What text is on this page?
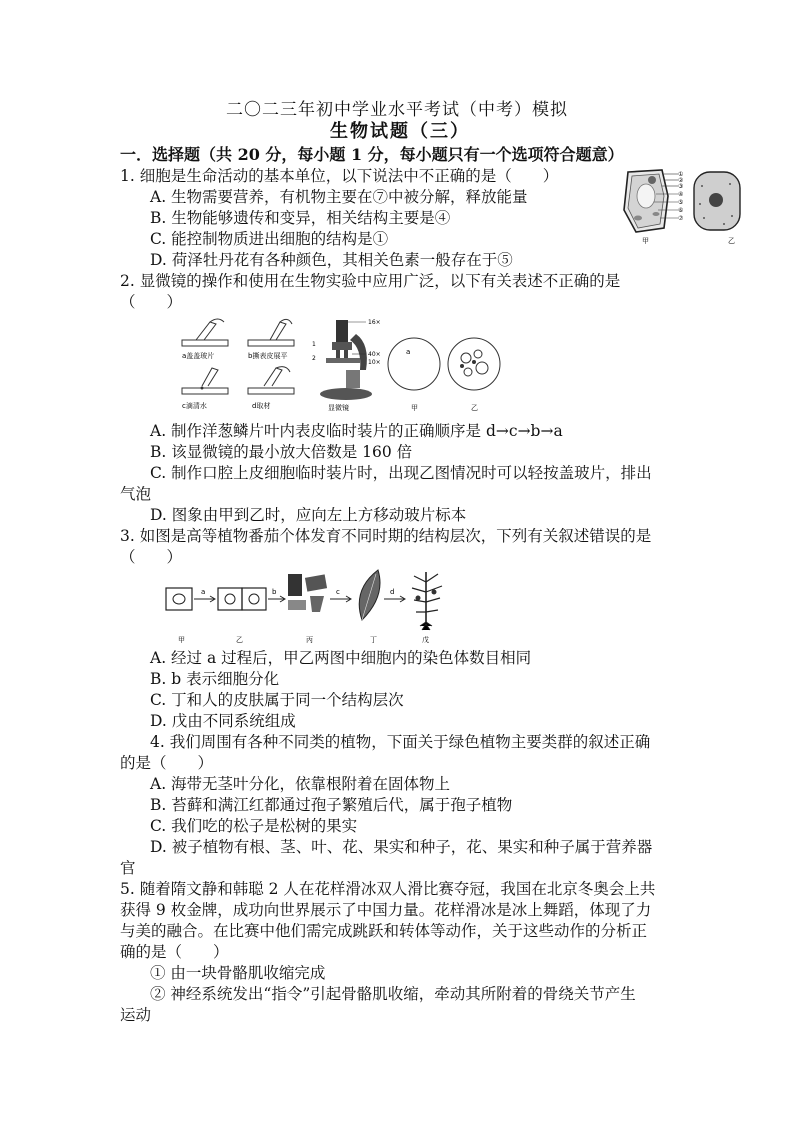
二〇二三年初中学业水平考试（中考）模拟
生物试题（三）
一．选择题（共 20 分，每小题 1 分，每小题只有一个选项符合题意）
1. 细胞是生命活动的基本单位，以下说法中不正确的是（　　）
A. 生物需要营养，有机物主要在⑦中被分解，释放能量
B. 生物能够遗传和变异，相关结构主要是④
C. 能控制物质进出细胞的结构是①
D. 荷泽牡丹花有各种颜色，其相关色素一般存在于⑤
①
②
③
④
⑤
⑥
⑦
甲	乙
2. 显微镜的操作和使用在生物实验中应用广泛，以下有关表述不正确的是
（　　）
a盖盖玻片	b撕表皮展平
c滴清水	d取材
16×
40×
10×
1
2
显微镜
a
甲	乙
A. 制作洋葱鳞片叶内表皮临时装片的正确顺序是 d→c→b→a
B. 该显微镜的最小放大倍数是 160 倍
C. 制作口腔上皮细胞临时装片时，出现乙图情况时可以轻按盖玻片，排出
气泡
D. 图象由甲到乙时，应向左上方移动玻片标本
3. 如图是高等植物番茄个体发育不同时期的结构层次，下列有关叙述错误的是
（　　）
a	b	c	d
甲	乙	丙	丁	戊
A. 经过 a 过程后，甲乙两图中细胞内的染色体数目相同
B. b 表示细胞分化
C. 丁和人的皮肤属于同一个结构层次
D. 戊由不同系统组成
4. 我们周围有各种不同类的植物，下面关于绿色植物主要类群的叙述正确
的是（　　）
A. 海带无茎叶分化，依靠根附着在固体物上
B. 苔藓和满江红都通过孢子繁殖后代，属于孢子植物
C. 我们吃的松子是松树的果实
D. 被子植物有根、茎、叶、花、果实和种子，花、果实和种子属于营养器
官
5. 随着隋文静和韩聪 2 人在花样滑冰双人滑比赛夺冠，我国在北京冬奥会上共
获得 9 枚金牌，成功向世界展示了中国力量。花样滑冰是冰上舞蹈，体现了力
与美的融合。在比赛中他们需完成跳跃和转体等动作，关于这些动作的分析正
确的是（　　）
① 由一块骨骼肌收缩完成
② 神经系统发出“指令”引起骨骼肌收缩，牵动其所附着的骨绕关节产生
运动
